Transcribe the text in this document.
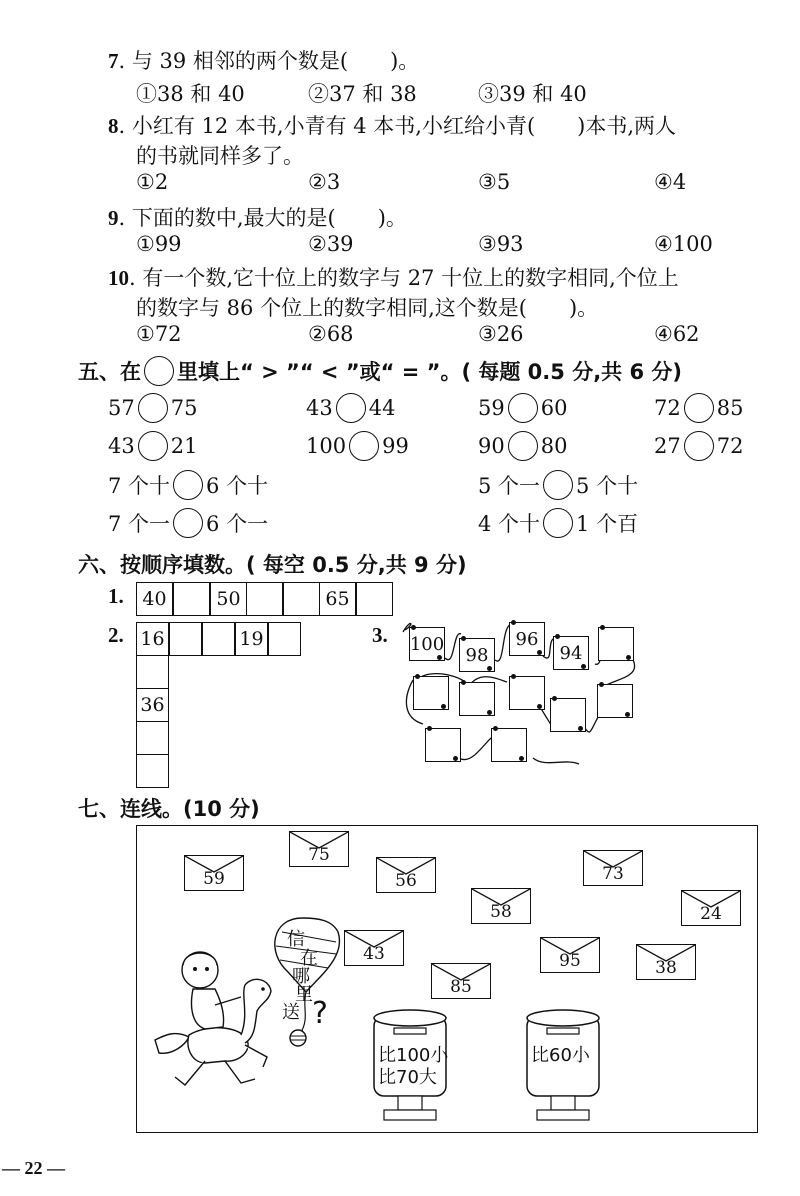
7. 与 39 相邻的两个数是(　　)。
①38 和 40	②37 和 38	③39 和 40
8. 小红有 12 本书,小青有 4 本书,小红给小青(　　)本书,两人
的书就同样多了。
①2	②3	③5	④4
9. 下面的数中,最大的是(　　)。
①99	②39	③93	④100
10. 有一个数,它十位上的数字与 27 十位上的数字相同,个位上
的数字与 86 个位上的数字相同,这个数是(　　)。
①72	②68	③26	④62
五、在 里填上“ > ”“ < ”或“ = ”。( 每题 0.5 分,共 6 分)
57 75	43 44	59 60	72 85
43 21	100 99	90 80	27 72
7 个十 6 个十	5 个一 5 个十
7 个一 6 个一	4 个十 1 个百
六、按顺序填数。( 每空 0.5 分,共 9 分)
1. 40	50	65
2. 16	19
36
3. 100
98
96
94
七、连线。(10 分)
75
59	56	73
58	24
43	95	38
85
信
在
哪
里
送 ?
比100小
比70大
比60小
— 22 —
